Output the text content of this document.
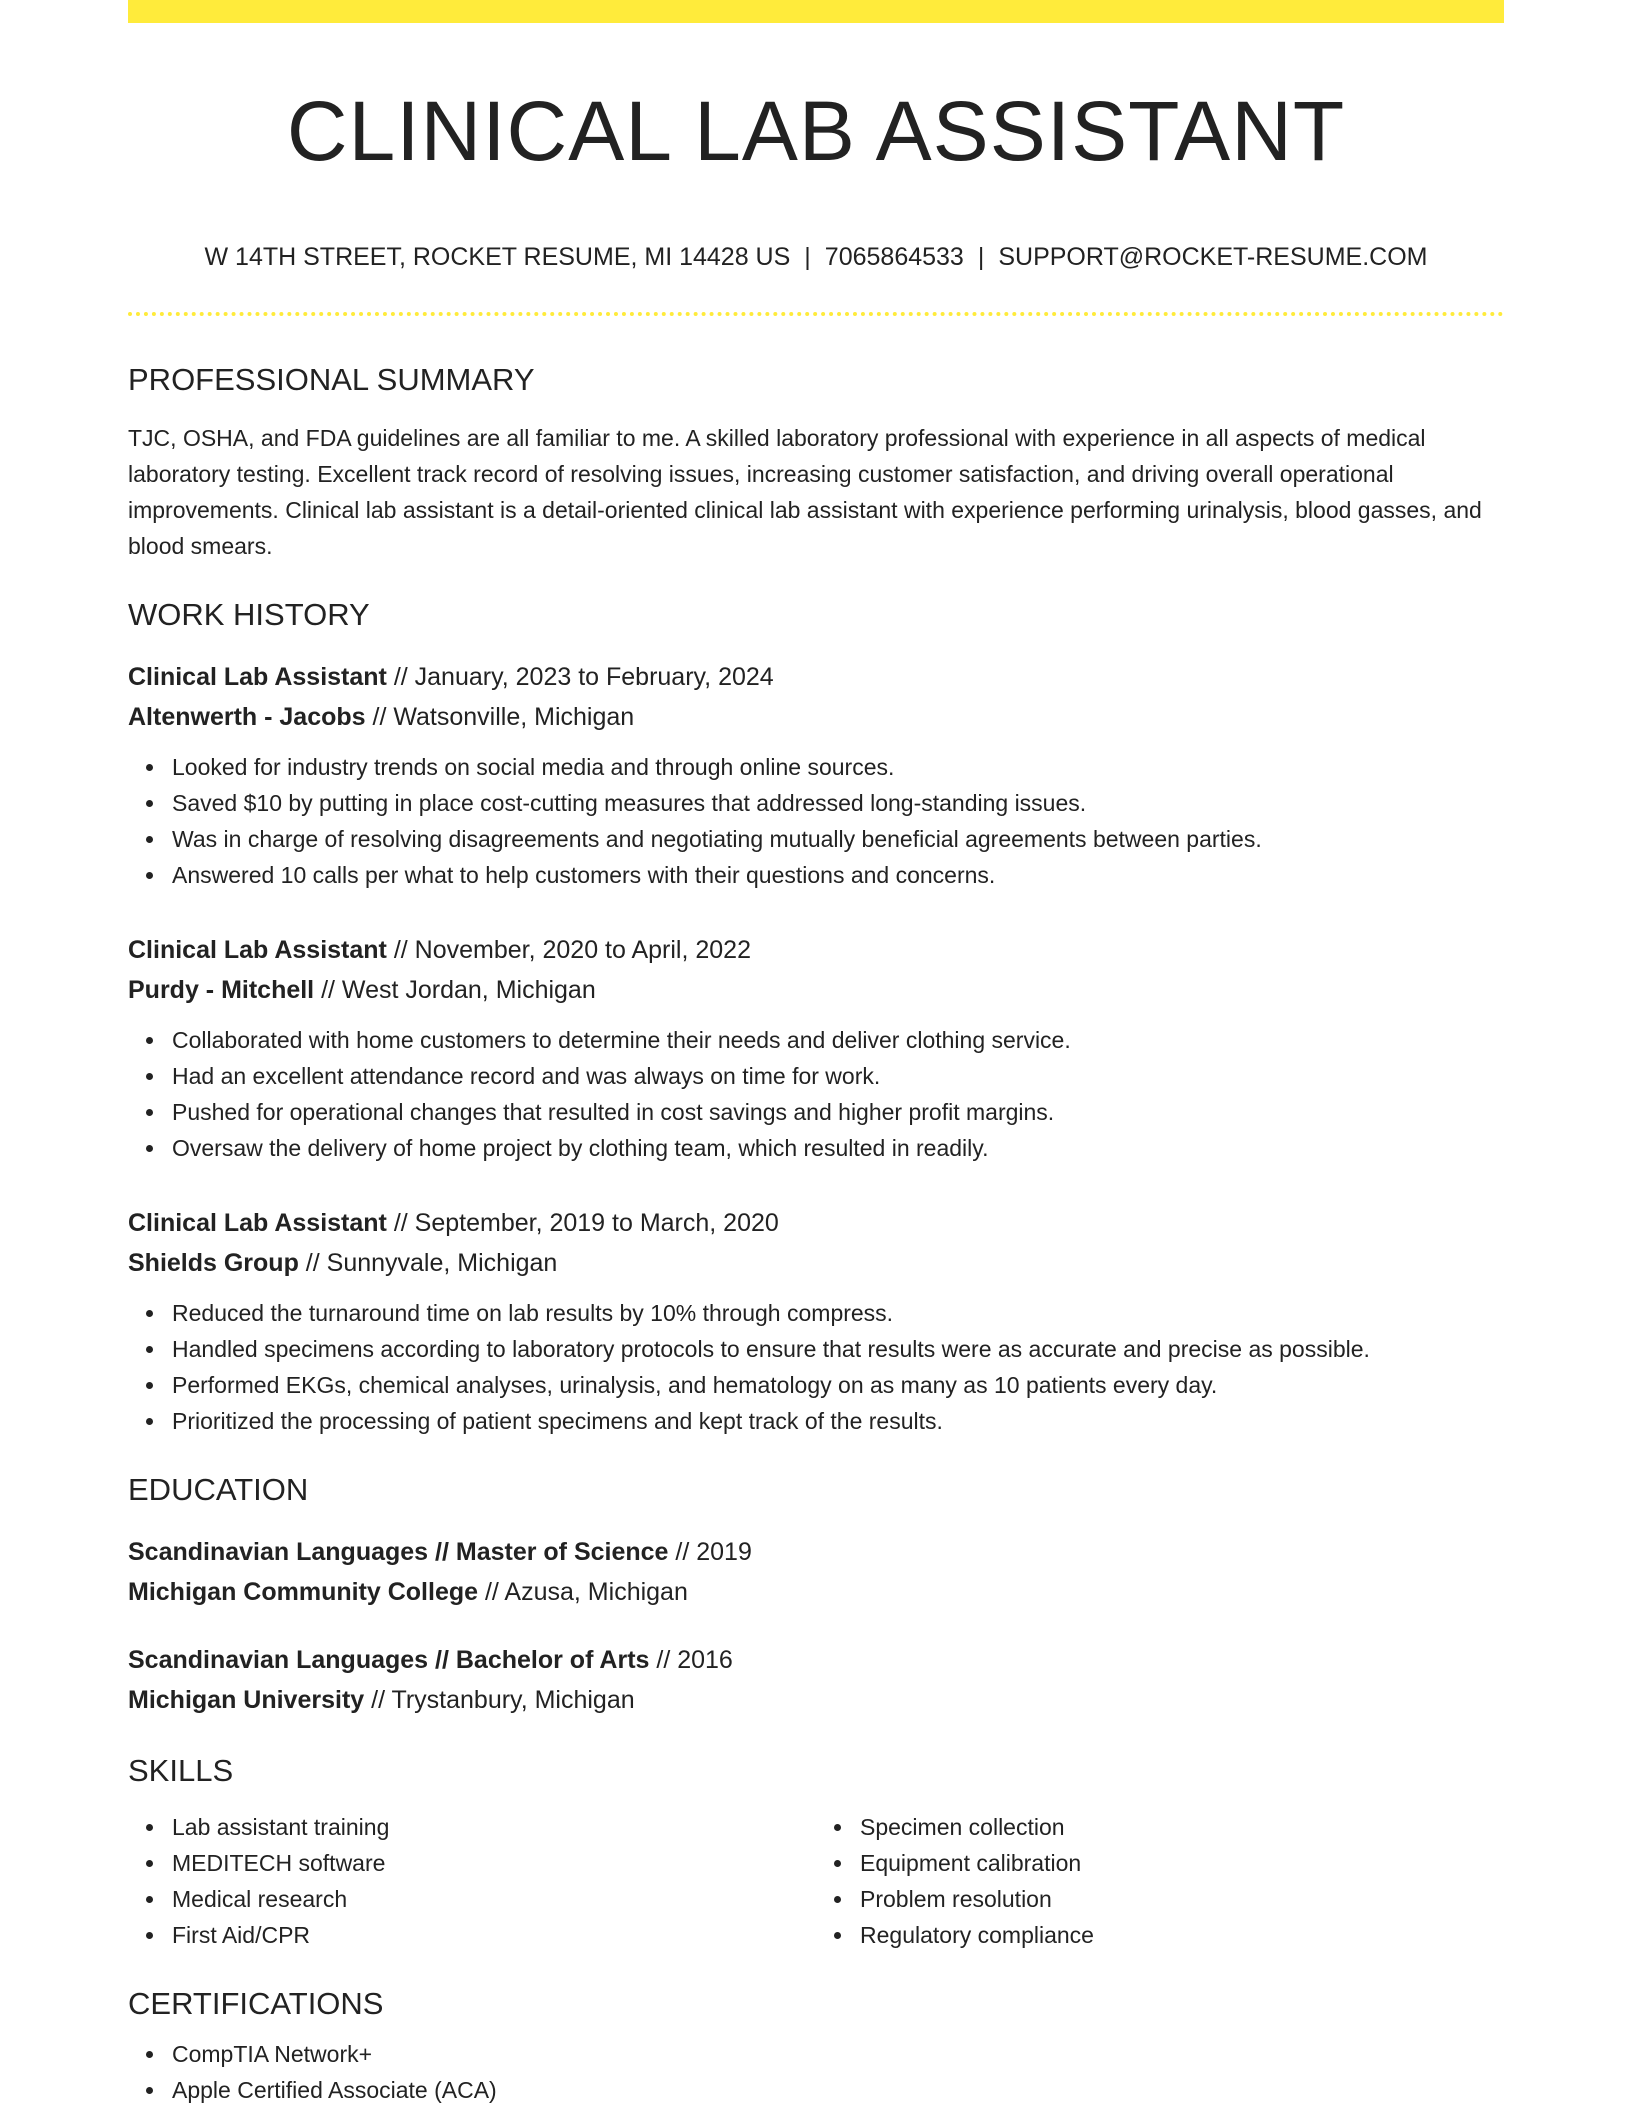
CLINICAL LAB ASSISTANT
W 14TH STREET, ROCKET RESUME, MI 14428 US | 7065864533 | SUPPORT@ROCKET-RESUME.COM
PROFESSIONAL SUMMARY

TJC, OSHA, and FDA guidelines are all familiar to me. A skilled laboratory professional with experience in all aspects of medical laboratory testing. Excellent track record of resolving issues, increasing customer satisfaction, and driving overall operational improvements. Clinical lab assistant is a detail-oriented clinical lab assistant with experience performing urinalysis, blood gasses, and blood smears.

WORK HISTORY
Clinical Lab Assistant // January, 2023 to February, 2024
Altenwerth - Jacobs // Watsonville, Michigan
Looked for industry trends on social media and through online sources.
Saved $10 by putting in place cost-cutting measures that addressed long-standing issues.
Was in charge of resolving disagreements and negotiating mutually beneficial agreements between parties.
Answered 10 calls per what to help customers with their questions and concerns.
Clinical Lab Assistant // November, 2020 to April, 2022
Purdy - Mitchell // West Jordan, Michigan
Collaborated with home customers to determine their needs and deliver clothing service.
Had an excellent attendance record and was always on time for work.
Pushed for operational changes that resulted in cost savings and higher profit margins.
Oversaw the delivery of home project by clothing team, which resulted in readily.
Clinical Lab Assistant // September, 2019 to March, 2020
Shields Group // Sunnyvale, Michigan
Reduced the turnaround time on lab results by 10% through compress.
Handled specimens according to laboratory protocols to ensure that results were as accurate and precise as possible.
Performed EKGs, chemical analyses, urinalysis, and hematology on as many as 10 patients every day.
Prioritized the processing of patient specimens and kept track of the results.
EDUCATION
Scandinavian Languages // Master of Science // 2019
Michigan Community College // Azusa, Michigan
Scandinavian Languages // Bachelor of Arts // 2016
Michigan University // Trystanbury, Michigan
SKILLS
Lab assistant training
MEDITECH software
Medical research
First Aid/CPR
Specimen collection
Equipment calibration
Problem resolution
Regulatory compliance
CERTIFICATIONS
CompTIA Network+
Apple Certified Associate (ACA)
